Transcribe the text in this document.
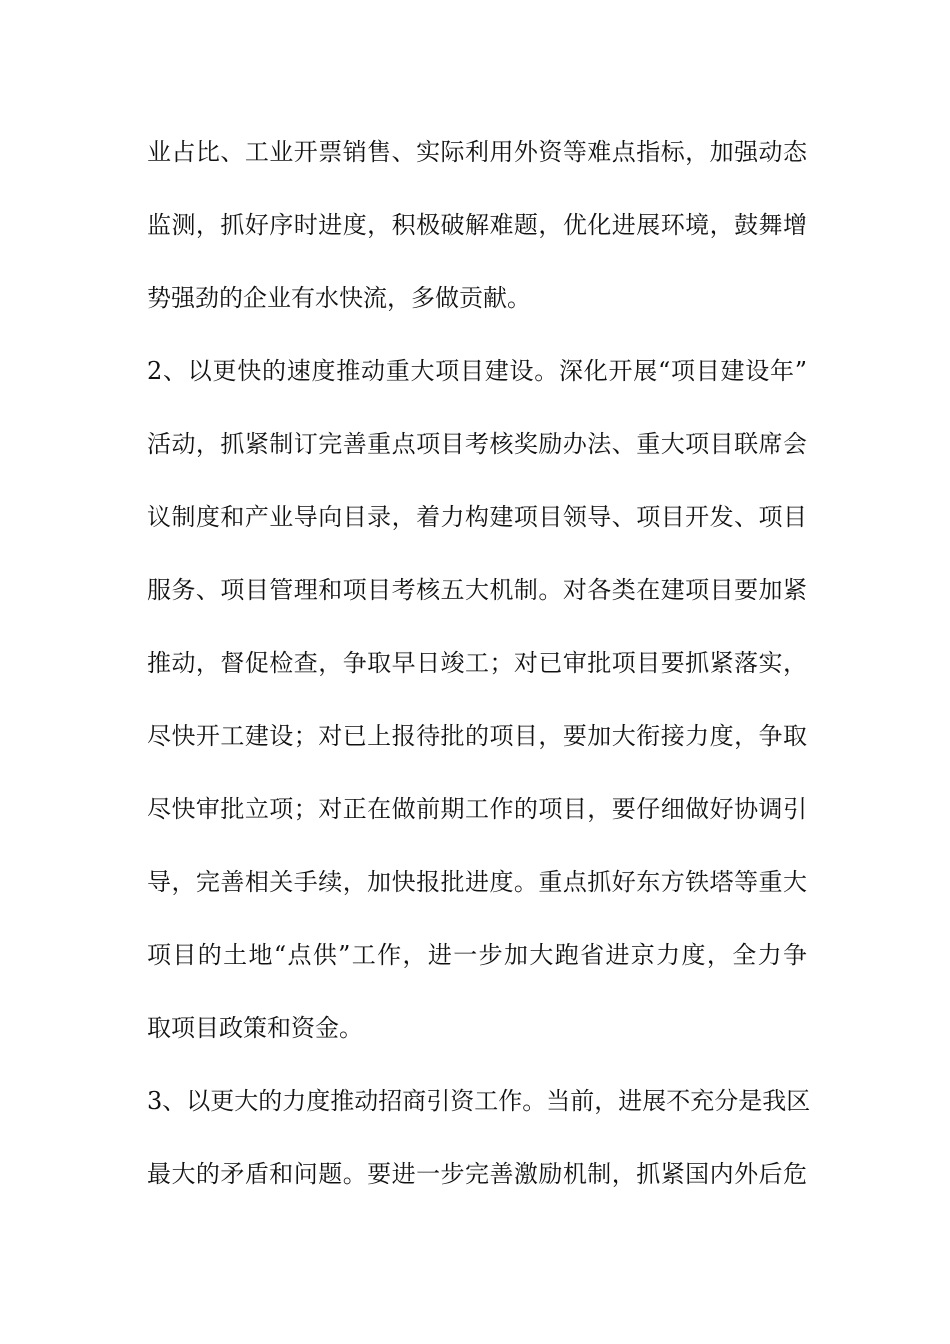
业占比、工业开票销售、实际利用外资等难点指标，加强动态
监测，抓好序时进度，积极破解难题，优化进展环境，鼓舞增
势强劲的企业有水快流，多做贡献。
2、以更快的速度推动重大项目建设。深化开展“项目建设年”
活动，抓紧制订完善重点项目考核奖励办法、重大项目联席会
议制度和产业导向目录，着力构建项目领导、项目开发、项目
服务、项目管理和项目考核五大机制。对各类在建项目要加紧
推动，督促检查，争取早日竣工；对已审批项目要抓紧落实，
尽快开工建设；对已上报待批的项目，要加大衔接力度，争取
尽快审批立项；对正在做前期工作的项目，要仔细做好协调引
导，完善相关手续，加快报批进度。重点抓好东方铁塔等重大
项目的土地“点供”工作，进一步加大跑省进京力度，全力争
取项目政策和资金。
3、以更大的力度推动招商引资工作。当前，进展不充分是我区
最大的矛盾和问题。要进一步完善激励机制，抓紧国内外后危
